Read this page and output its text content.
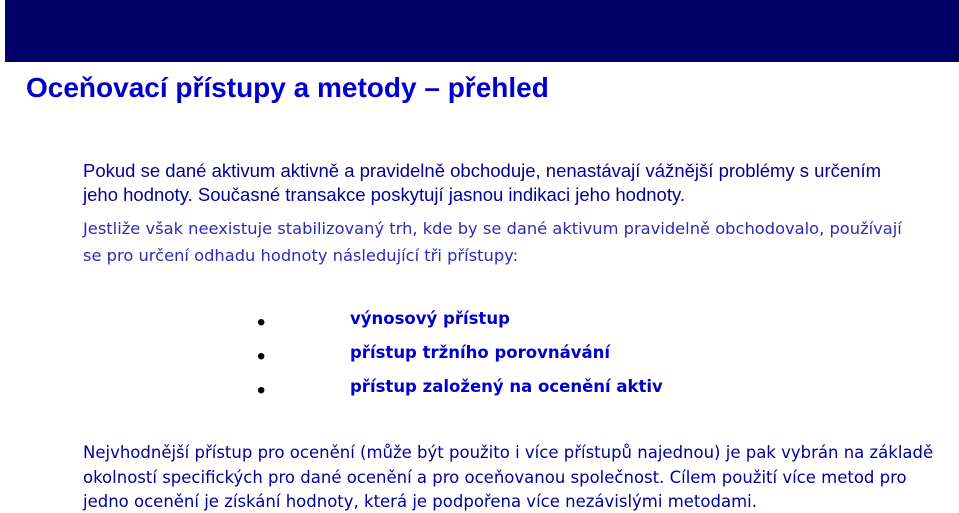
Oceňovací přístupy a metody – přehled

Pokud se dané aktivum aktivně a pravidelně obchoduje, nenastávají vážnější problémy s určením jeho hodnoty. Současné transakce poskytují jasnou indikaci jeho hodnoty.

Jestliže však neexistuje stabilizovaný trh, kde by se dané aktivum pravidelně obchodovalo, používají se pro určení odhadu hodnoty následující tři přístupy:

•	výnosový přístup
•	přístup tržního porovnávání
•	přístup založený na ocenění aktiv

Nejvhodnější přístup pro ocenění (může být použito i více přístupů najednou) je pak vybrán na základě okolností specifických pro dané ocenění a pro oceňovanou společnost. Cílem použití více metod pro jedno ocenění je získání hodnoty, která je podpořena více nezávislými metodami.
